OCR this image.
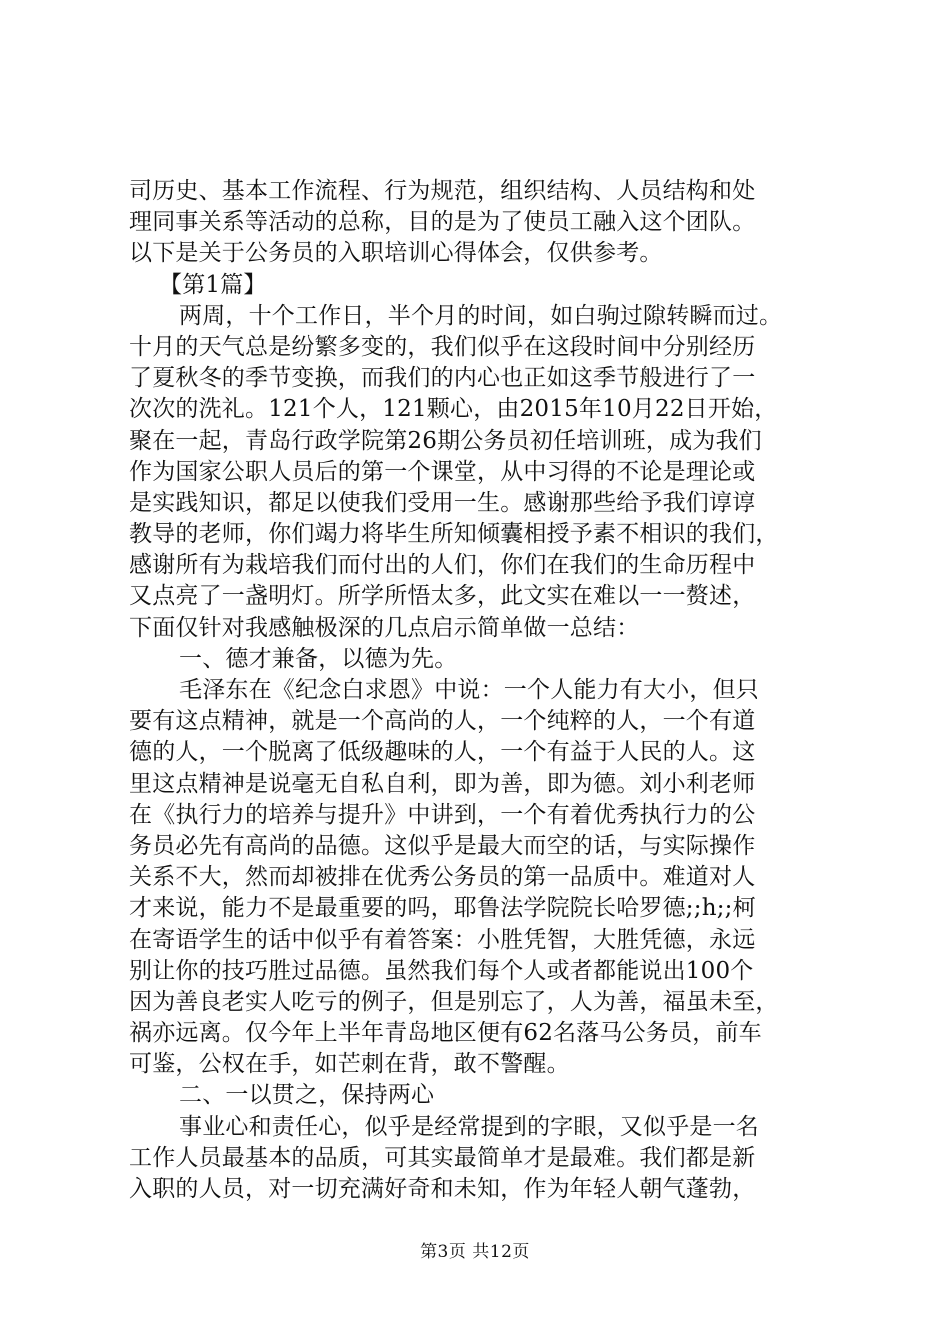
司历史、基本工作流程、行为规范，组织结构、人员结构和处
理同事关系等活动的总称，目的是为了使员工融入这个团队。
以下是关于公务员的入职培训心得体会，仅供参考。
【第1篇】
两周，十个工作日，半个月的时间，如白驹过隙转瞬而过。
十月的天气总是纷繁多变的，我们似乎在这段时间中分别经历
了夏秋冬的季节变换，而我们的内心也正如这季节般进行了一
次次的洗礼。121个人，121颗心，由2015年10月22日开始，
聚在一起，青岛行政学院第26期公务员初任培训班，成为我们
作为国家公职人员后的第一个课堂，从中习得的不论是理论或
是实践知识，都足以使我们受用一生。感谢那些给予我们谆谆
教导的老师，你们竭力将毕生所知倾囊相授予素不相识的我们，
感谢所有为栽培我们而付出的人们，你们在我们的生命历程中
又点亮了一盏明灯。所学所悟太多，此文实在难以一一赘述，
下面仅针对我感触极深的几点启示简单做一总结：
一、德才兼备，以德为先。
毛泽东在《纪念白求恩》中说：一个人能力有大小，但只
要有这点精神，就是一个高尚的人，一个纯粹的人，一个有道
德的人，一个脱离了低级趣味的人，一个有益于人民的人。这
里这点精神是说毫无自私自利，即为善，即为德。刘小利老师
在《执行力的培养与提升》中讲到，一个有着优秀执行力的公
务员必先有高尚的品德。这似乎是最大而空的话，与实际操作
关系不大，然而却被排在优秀公务员的第一品质中。难道对人
才来说，能力不是最重要的吗，耶鲁法学院院长哈罗德;;h;;柯
在寄语学生的话中似乎有着答案：小胜凭智，大胜凭德，永远
别让你的技巧胜过品德。虽然我们每个人或者都能说出100个
因为善良老实人吃亏的例子，但是别忘了，人为善，福虽未至，
祸亦远离。仅今年上半年青岛地区便有62名落马公务员，前车
可鉴，公权在手，如芒刺在背，敢不警醒。
二、一以贯之，保持两心
事业心和责任心，似乎是经常提到的字眼，又似乎是一名
工作人员最基本的品质，可其实最简单才是最难。我们都是新
入职的人员，对一切充满好奇和未知，作为年轻人朝气蓬勃，
第3页 共12页
